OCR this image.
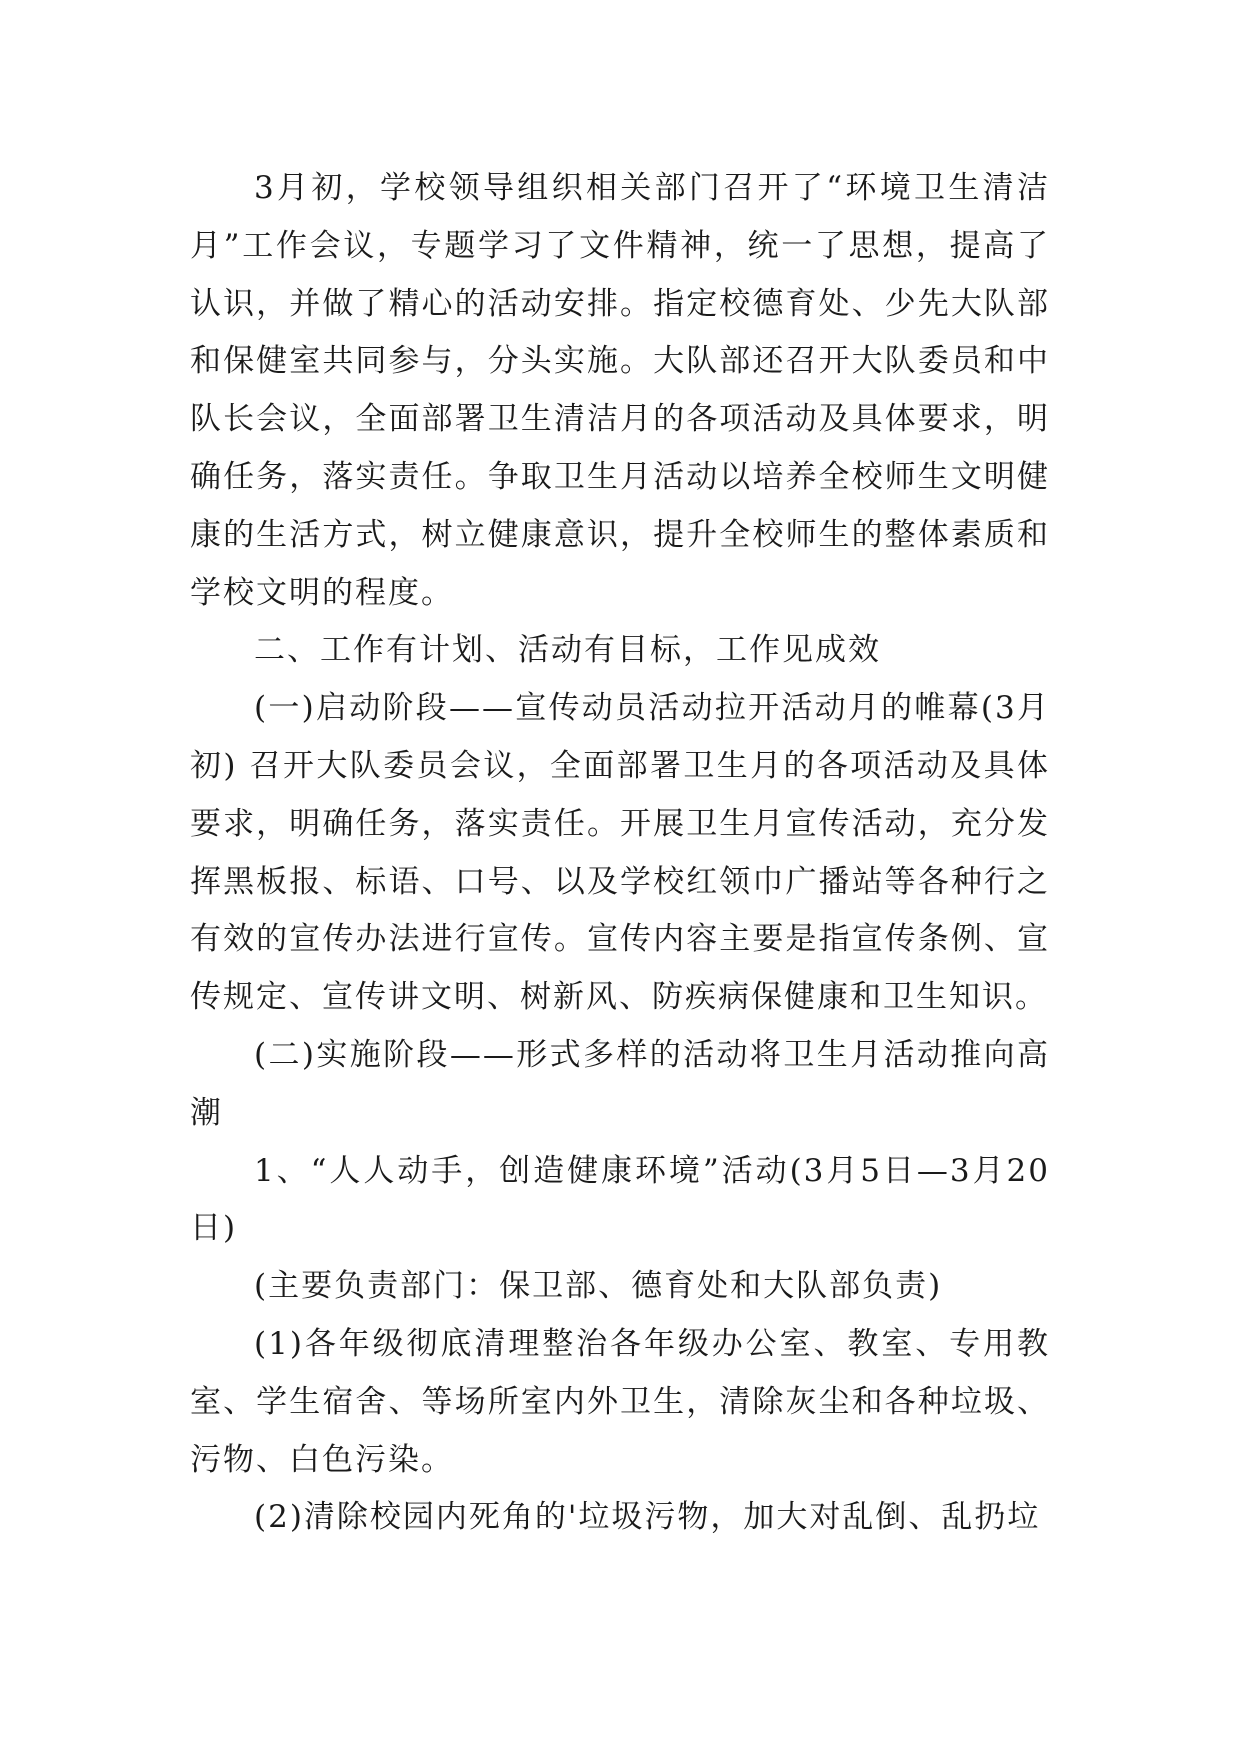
3月初，学校领导组织相关部门召开了“环境卫生清洁月”工作会议，专题学习了文件精神，统一了思想，提高了认识，并做了精心的活动安排。指定校德育处、少先大队部和保健室共同参与，分头实施。大队部还召开大队委员和中队长会议，全面部署卫生清洁月的各项活动及具体要求，明确任务，落实责任。争取卫生月活动以培养全校师生文明健康的生活方式，树立健康意识，提升全校师生的整体素质和学校文明的程度。

二、工作有计划、活动有目标，工作见成效

(一)启动阶段——宣传动员活动拉开活动月的帷幕(3月初) 召开大队委员会议，全面部署卫生月的各项活动及具体要求，明确任务，落实责任。开展卫生月宣传活动，充分发挥黑板报、标语、口号、以及学校红领巾广播站等各种行之有效的宣传办法进行宣传。宣传内容主要是指宣传条例、宣传规定、宣传讲文明、树新风、防疾病保健康和卫生知识。

(二)实施阶段——形式多样的活动将卫生月活动推向高潮

1、“人人动手，创造健康环境”活动(3月5日—3月20日)

(主要负责部门：保卫部、德育处和大队部负责)

(1)各年级彻底清理整治各年级办公室、教室、专用教室、学生宿舍、等场所室内外卫生，清除灰尘和各种垃圾、污物、白色污染。

(2)清除校园内死角的'垃圾污物，加大对乱倒、乱扔垃
